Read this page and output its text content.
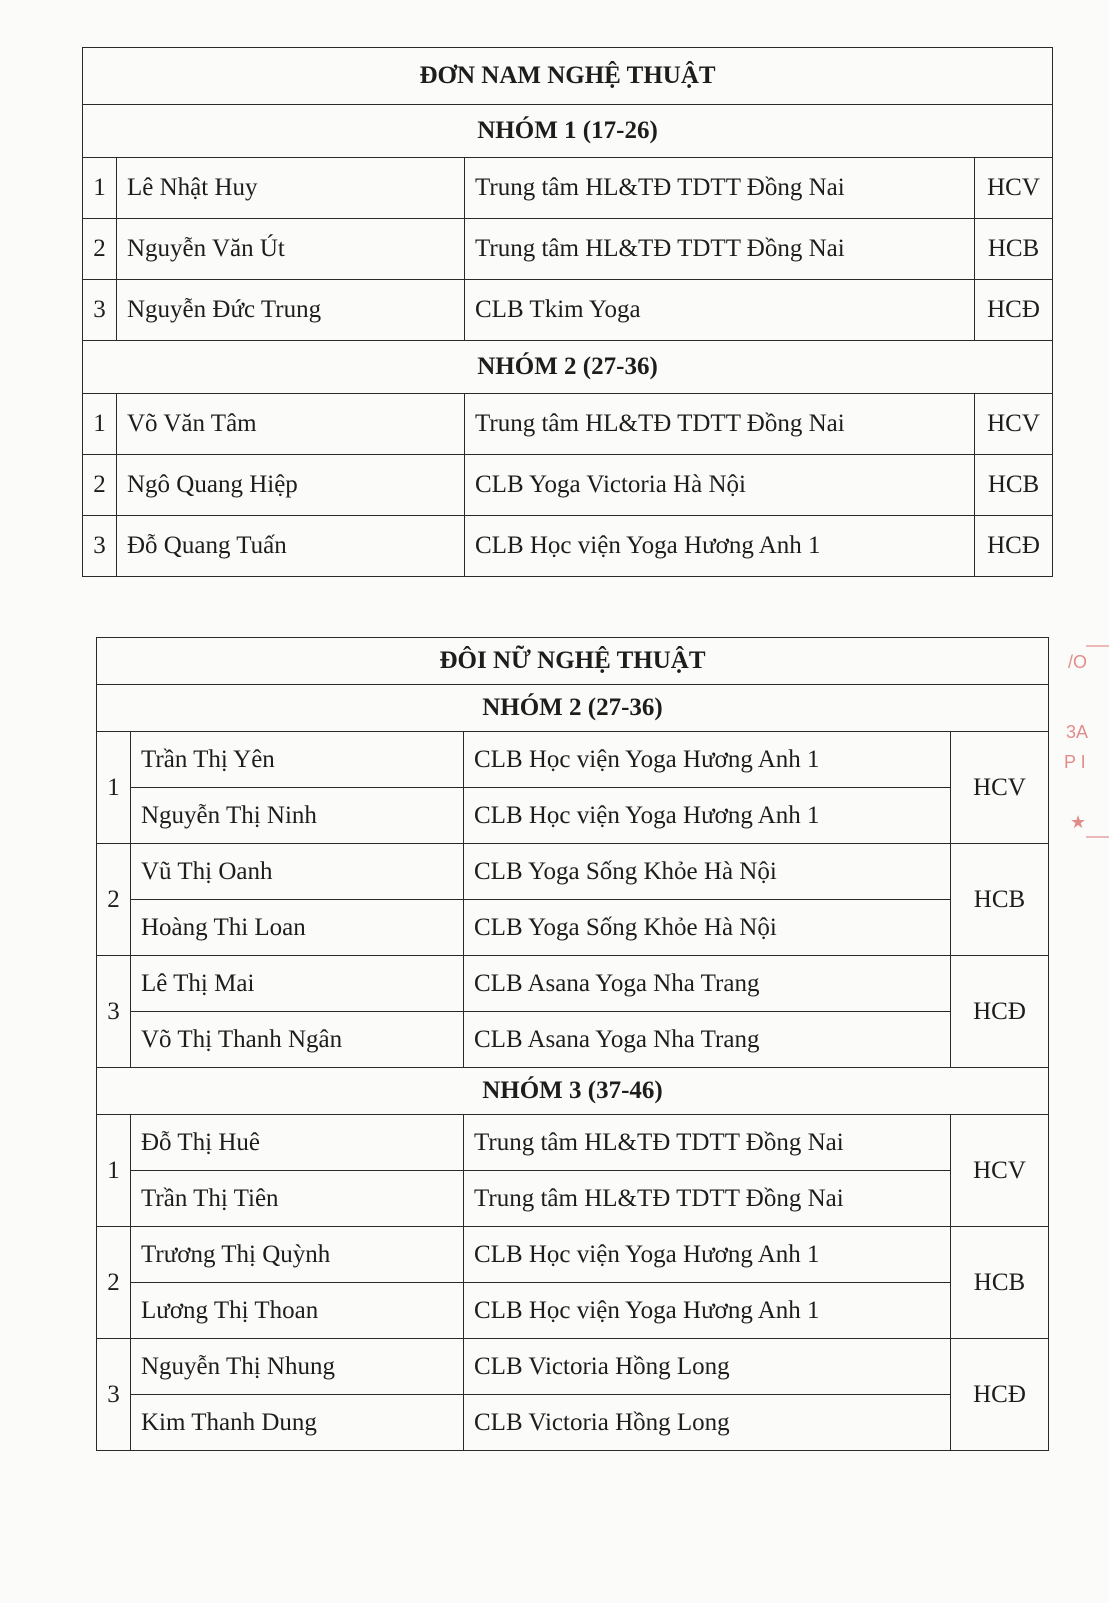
ĐƠN NAM NGHỆ THUẬT			
NHÓM 1 (17-26)			
1	Lê Nhật Huy	Trung tâm HL&TĐ TDTT Đồng Nai	HCV
2	Nguyễn Văn Út	Trung tâm HL&TĐ TDTT Đồng Nai	HCB
3	Nguyễn Đức Trung	CLB Tkim Yoga	HCĐ
NHÓM 2 (27-36)			
1	Võ Văn Tâm	Trung tâm HL&TĐ TDTT Đồng Nai	HCV
2	Ngô Quang Hiệp	CLB Yoga Victoria Hà Nội	HCB
3	Đỗ Quang Tuấn	CLB Học viện Yoga Hương Anh 1	HCĐ
ĐÔI NỮ NGHỆ THUẬT			
NHÓM 2 (27-36)			
1	Trần Thị Yên	CLB Học viện Yoga Hương Anh 1	HCV
	Nguyễn Thị Ninh	CLB Học viện Yoga Hương Anh 1	
2	Vũ Thị Oanh	CLB Yoga Sống Khỏe Hà Nội	HCB
	Hoàng Thi Loan	CLB Yoga Sống Khỏe Hà Nội	
3	Lê Thị Mai	CLB Asana Yoga Nha Trang	HCĐ
	Võ Thị Thanh Ngân	CLB Asana Yoga Nha Trang	
NHÓM 3 (37-46)			
1	Đỗ Thị Huê	Trung tâm HL&TĐ TDTT Đồng Nai	HCV
	Trần Thị Tiên	Trung tâm HL&TĐ TDTT Đồng Nai	
2	Trương Thị Quỳnh	CLB Học viện Yoga Hương Anh 1	HCB
	Lương Thị Thoan	CLB Học viện Yoga Hương Anh 1	
3	Nguyễn Thị Nhung	CLB Victoria Hồng Long	HCĐ
	Kim Thanh Dung	CLB Victoria Hồng Long	
/O
3A
P I
★
